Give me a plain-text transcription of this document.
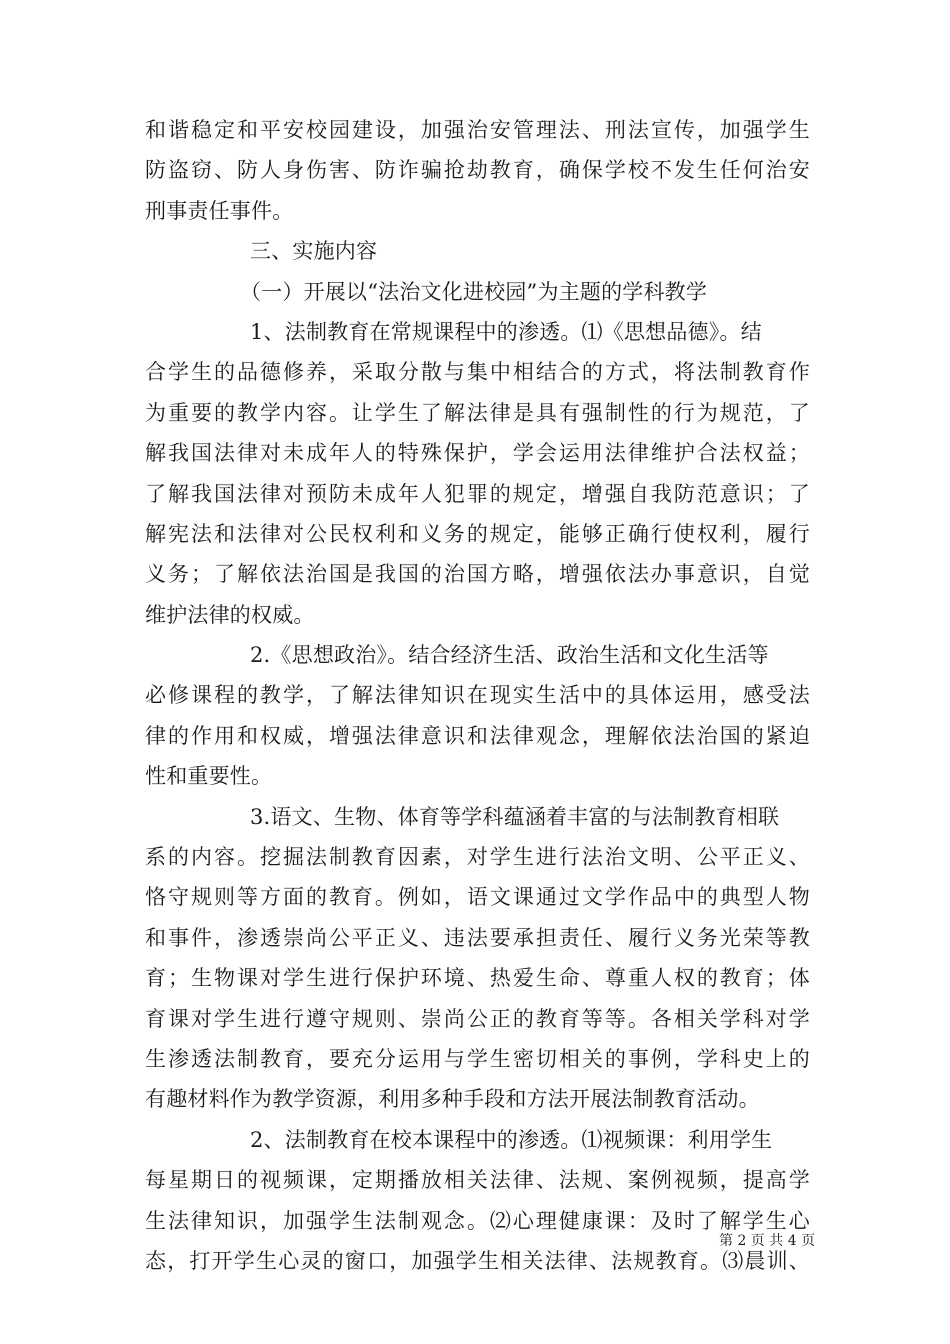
和谐稳定和平安校园建设，加强治安管理法、刑法宣传，加强学生
防盗窃、防人身伤害、防诈骗抢劫教育，确保学校不发生任何治安
刑事责任事件。
三、实施内容
（一）开展以“法治文化进校园”为主题的学科教学
1、法制教育在常规课程中的渗透。⑴《思想品德》。结
合学生的品德修养，采取分散与集中相结合的方式，将法制教育作
为重要的教学内容。让学生了解法律是具有强制性的行为规范，了
解我国法律对未成年人的特殊保护，学会运用法律维护合法权益；
了解我国法律对预防未成年人犯罪的规定，增强自我防范意识；了
解宪法和法律对公民权利和义务的规定，能够正确行使权利，履行
义务；了解依法治国是我国的治国方略，增强依法办事意识，自觉
维护法律的权威。
2.《思想政治》。结合经济生活、政治生活和文化生活等
必修课程的教学，了解法律知识在现实生活中的具体运用，感受法
律的作用和权威，增强法律意识和法律观念，理解依法治国的紧迫
性和重要性。
3.语文、生物、体育等学科蕴涵着丰富的与法制教育相联
系的内容。挖掘法制教育因素，对学生进行法治文明、公平正义、
恪守规则等方面的教育。例如，语文课通过文学作品中的典型人物
和事件，渗透崇尚公平正义、违法要承担责任、履行义务光荣等教
育；生物课对学生进行保护环境、热爱生命、尊重人权的教育；体
育课对学生进行遵守规则、崇尚公正的教育等等。各相关学科对学
生渗透法制教育，要充分运用与学生密切相关的事例，学科史上的
有趣材料作为教学资源，利用多种手段和方法开展法制教育活动。
2、法制教育在校本课程中的渗透。⑴视频课：利用学生
每星期日的视频课，定期播放相关法律、法规、案例视频，提高学
生法律知识，加强学生法制观念。⑵心理健康课：及时了解学生心
态，打开学生心灵的窗口，加强学生相关法律、法规教育。⑶晨训、
第 2 页 共 4 页
